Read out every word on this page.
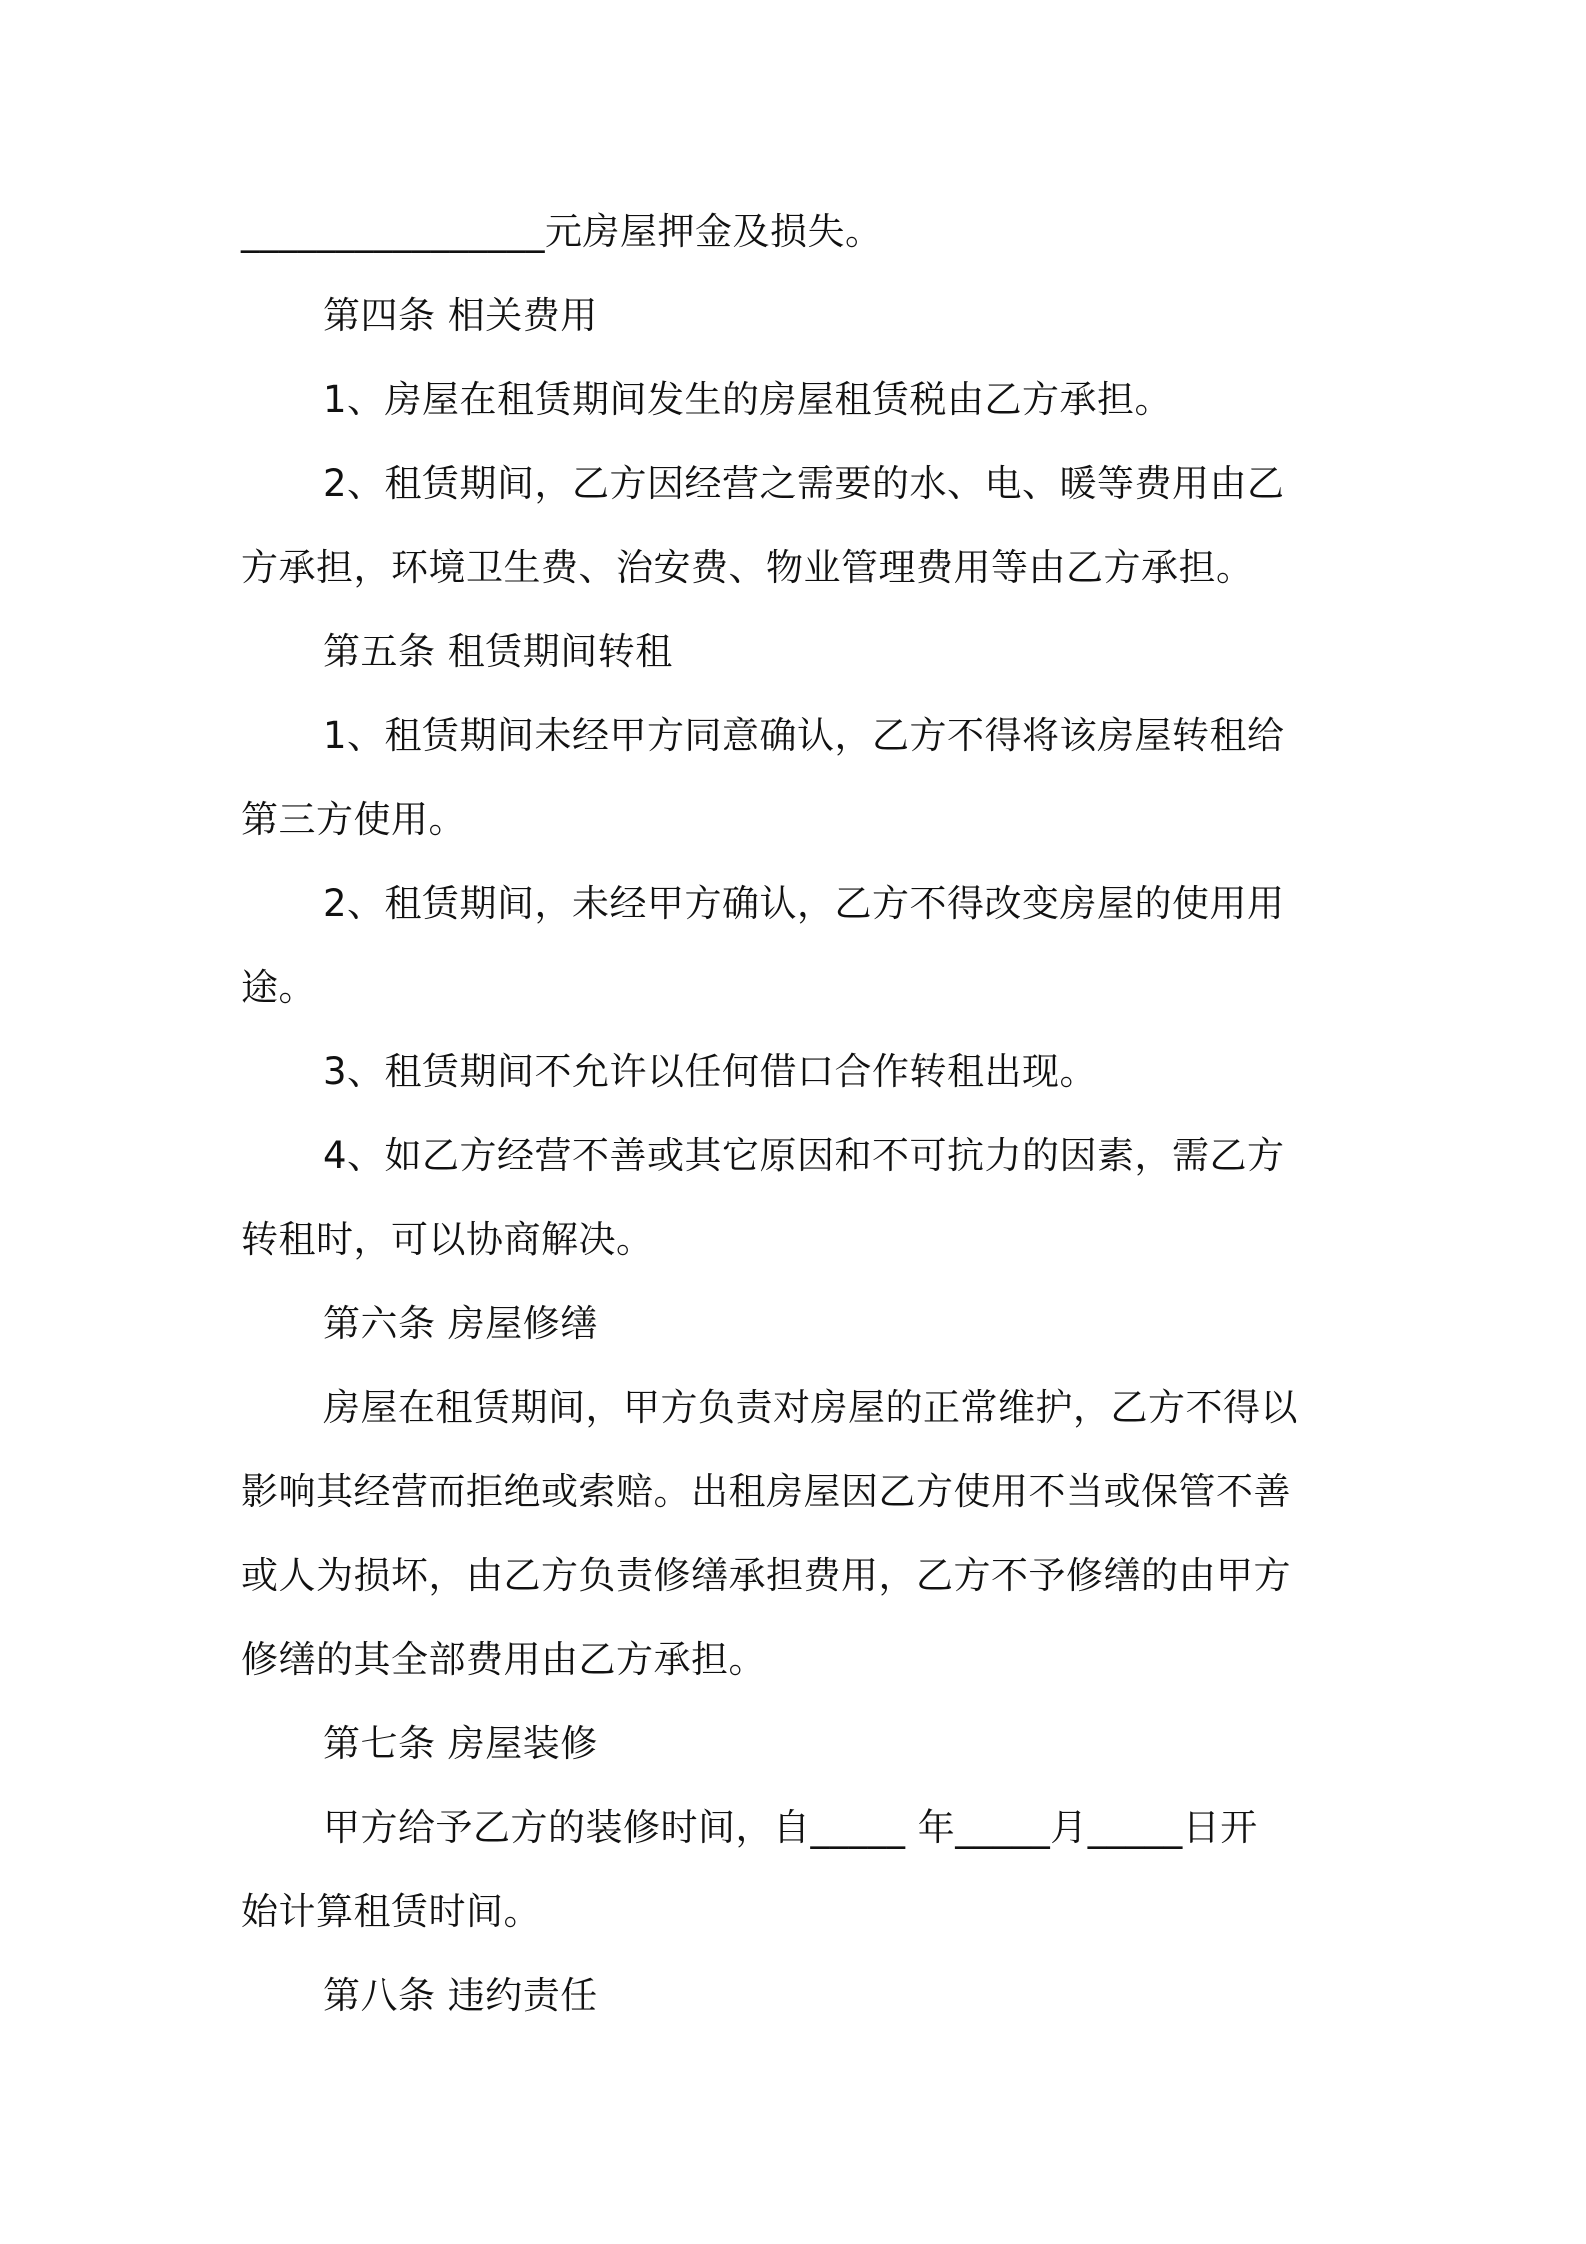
________________元房屋押金及损失。
第四条 相关费用
1、房屋在租赁期间发生的房屋租赁税由乙方承担。
2、租赁期间，乙方因经营之需要的水、电、暖等费用由乙
方承担，环境卫生费、治安费、物业管理费用等由乙方承担。
第五条 租赁期间转租
1、租赁期间未经甲方同意确认，乙方不得将该房屋转租给
第三方使用。
2、租赁期间，未经甲方确认，乙方不得改变房屋的使用用
途。
3、租赁期间不允许以任何借口合作转租出现。
4、如乙方经营不善或其它原因和不可抗力的因素，需乙方
转租时，可以协商解决。
第六条 房屋修缮
房屋在租赁期间，甲方负责对房屋的正常维护，乙方不得以
影响其经营而拒绝或索赔。出租房屋因乙方使用不当或保管不善
或人为损坏，由乙方负责修缮承担费用，乙方不予修缮的由甲方
修缮的其全部费用由乙方承担。
第七条 房屋装修
甲方给予乙方的装修时间，自_____ 年_____月_____日开
始计算租赁时间。
第八条 违约责任
